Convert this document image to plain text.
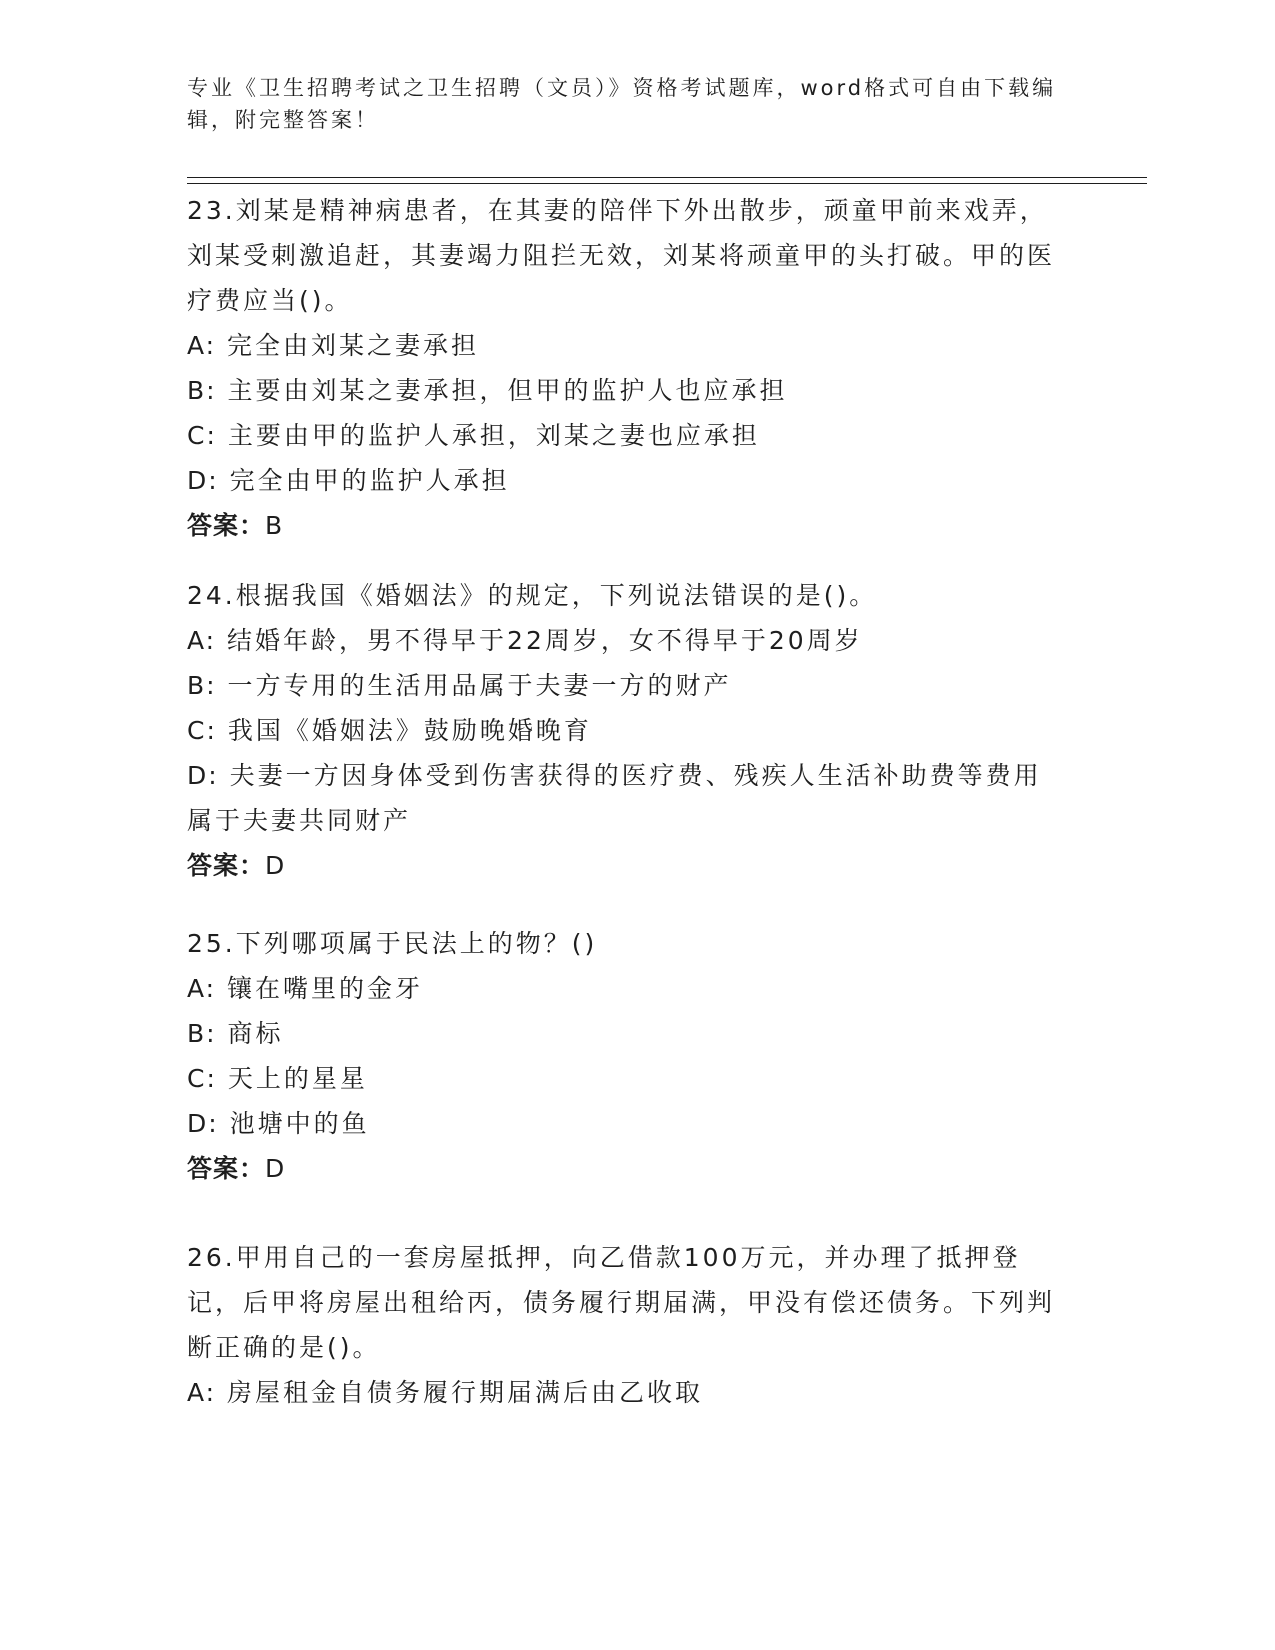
专业《卫生招聘考试之卫生招聘（文员）》资格考试题库，word格式可自由下载编辑，附完整答案！

23.刘某是精神病患者，在其妻的陪伴下外出散步，顽童甲前来戏弄，刘某受刺激追赶，其妻竭力阻拦无效，刘某将顽童甲的头打破。甲的医疗费应当()。

A: 完全由刘某之妻承担

B: 主要由刘某之妻承担，但甲的监护人也应承担

C: 主要由甲的监护人承担，刘某之妻也应承担

D: 完全由甲的监护人承担

答案：B

24.根据我国《婚姻法》的规定，下列说法错误的是()。

A: 结婚年龄，男不得早于22周岁，女不得早于20周岁

B: 一方专用的生活用品属于夫妻一方的财产

C: 我国《婚姻法》鼓励晚婚晚育

D: 夫妻一方因身体受到伤害获得的医疗费、残疾人生活补助费等费用属于夫妻共同财产

答案：D

25.下列哪项属于民法上的物？()

A: 镶在嘴里的金牙

B: 商标

C: 天上的星星

D: 池塘中的鱼

答案：D

26.甲用自己的一套房屋抵押，向乙借款100万元，并办理了抵押登记，后甲将房屋出租给丙，债务履行期届满，甲没有偿还债务。下列判断正确的是()。

A: 房屋租金自债务履行期届满后由乙收取
